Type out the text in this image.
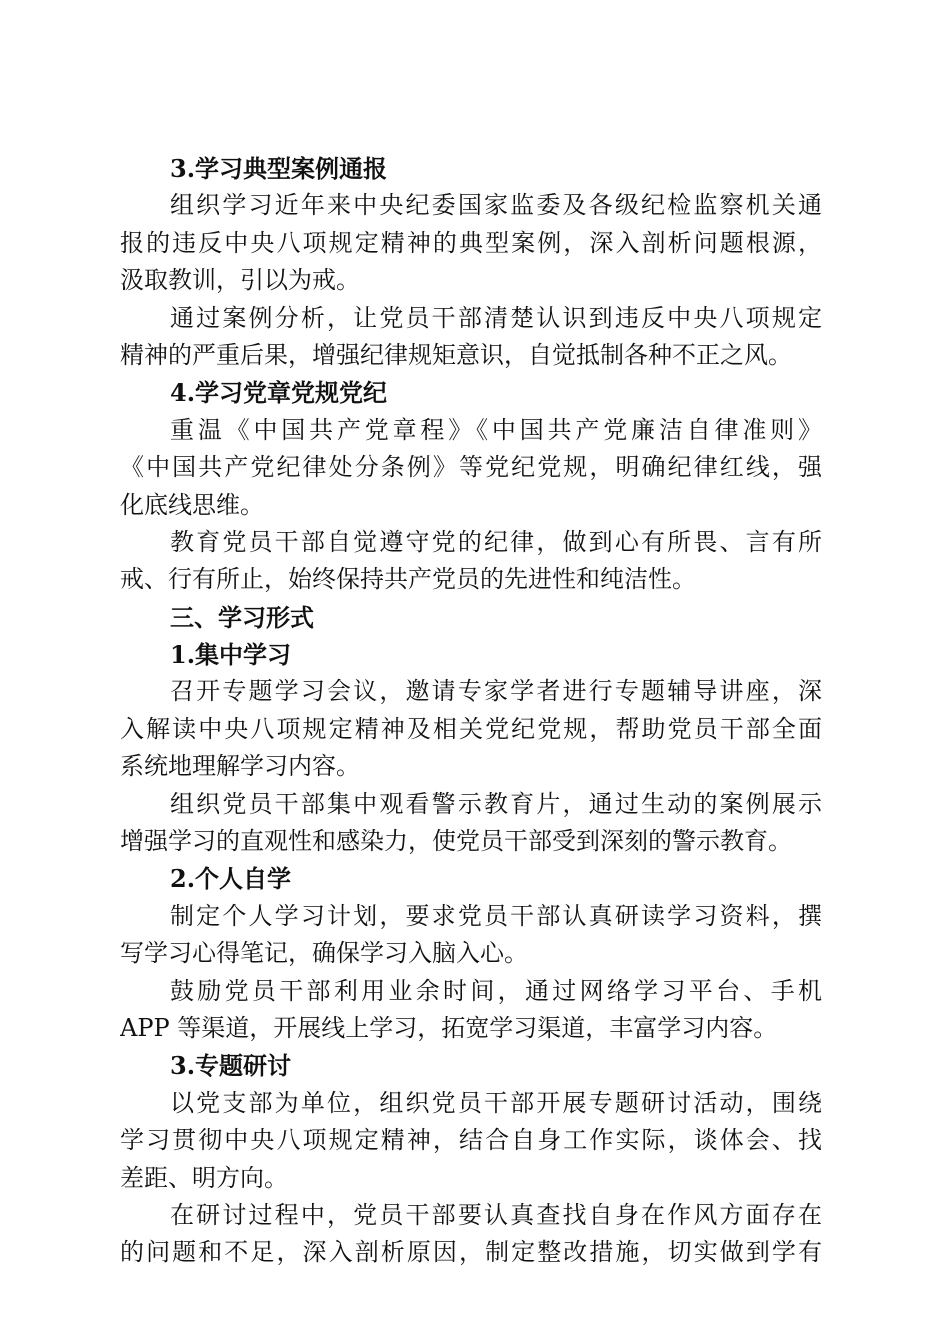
3.学习典型案例通报
组织学习近年来中央纪委国家监委及各级纪检监察机关通
报的违反中央八项规定精神的典型案例，深入剖析问题根源，
汲取教训，引以为戒。
通过案例分析，让党员干部清楚认识到违反中央八项规定
精神的严重后果，增强纪律规矩意识，自觉抵制各种不正之风。
4.学习党章党规党纪
重温《中国共产党章程》《中国共产党廉洁自律准则》
《中国共产党纪律处分条例》等党纪党规，明确纪律红线，强
化底线思维。
教育党员干部自觉遵守党的纪律，做到心有所畏、言有所
戒、行有所止，始终保持共产党员的先进性和纯洁性。
三、学习形式
1.集中学习
召开专题学习会议，邀请专家学者进行专题辅导讲座，深
入解读中央八项规定精神及相关党纪党规，帮助党员干部全面
系统地理解学习内容。
组织党员干部集中观看警示教育片，通过生动的案例展示
增强学习的直观性和感染力，使党员干部受到深刻的警示教育。
2.个人自学
制定个人学习计划，要求党员干部认真研读学习资料，撰
写学习心得笔记，确保学习入脑入心。
鼓励党员干部利用业余时间，通过网络学习平台、手机
APP 等渠道，开展线上学习，拓宽学习渠道，丰富学习内容。
3.专题研讨
以党支部为单位，组织党员干部开展专题研讨活动，围绕
学习贯彻中央八项规定精神，结合自身工作实际，谈体会、找
差距、明方向。
在研讨过程中，党员干部要认真查找自身在作风方面存在
的问题和不足，深入剖析原因，制定整改措施，切实做到学有
